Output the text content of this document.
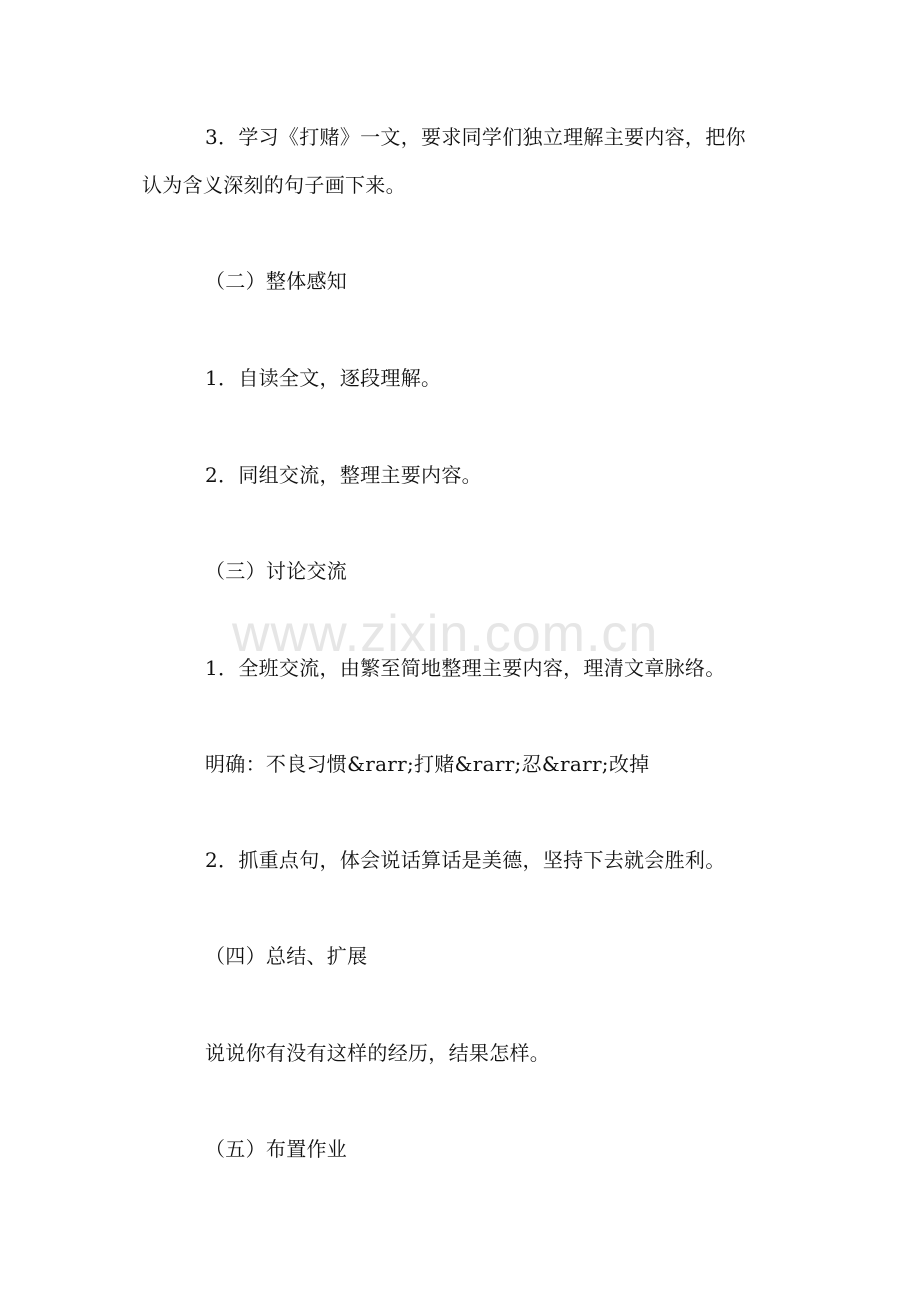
www.zixin.com.cn
3．学习《打赌》一文，要求同学们独立理解主要内容，把你
认为含义深刻的句子画下来。
（二）整体感知
1．自读全文，逐段理解。
2．同组交流，整理主要内容。
（三）讨论交流
1．全班交流，由繁至简地整理主要内容，理清文章脉络。
明确：不良习惯&rarr;打赌&rarr;忍&rarr;改掉
2．抓重点句，体会说话算话是美德，坚持下去就会胜利。
（四）总结、扩展
说说你有没有这样的经历，结果怎样。
（五）布置作业
